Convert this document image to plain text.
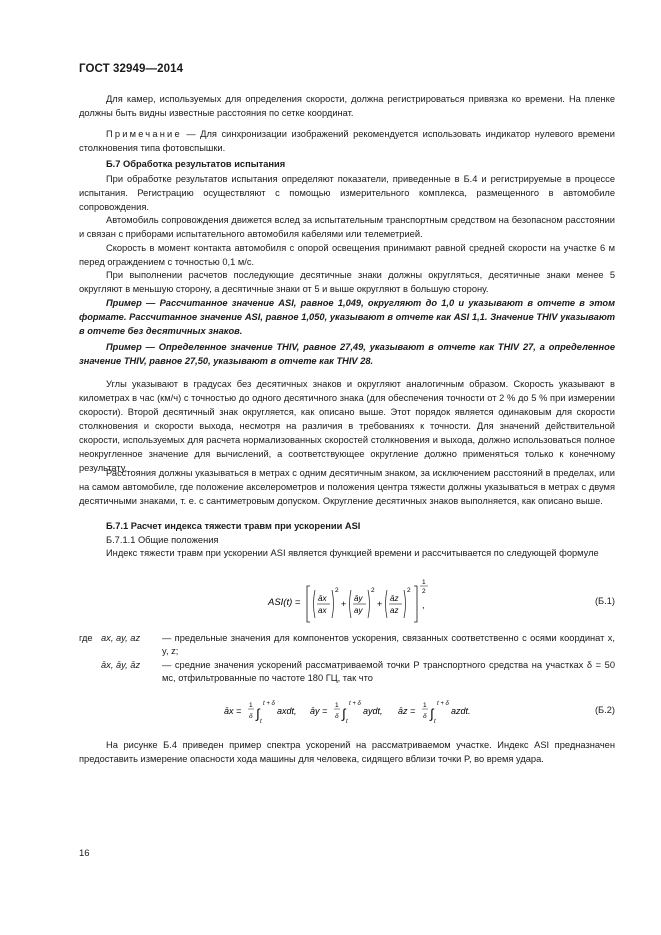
ГОСТ 32949—2014

Для камер, используемых для определения скорости, должна регистрироваться привязка ко времени. На пленке должны быть видны известные расстояния по сетке координат.

Примечание — Для синхронизации изображений рекомендуется использовать индикатор нулевого времени столкновения типа фотовспышки.

Б.7 Обработка результатов испытания

При обработке результатов испытания определяют показатели, приведенные в Б.4 и регистрируемые в процессе испытания. Регистрацию осуществляют с помощью измерительного комплекса, размещенного в автомобиле сопровождения.

Автомобиль сопровождения движется вслед за испытательным транспортным средством на безопасном расстоянии и связан с приборами испытательного автомобиля кабелями или телеметрией.

Скорость в момент контакта автомобиля с опорой освещения принимают равной средней скорости на участке 6 м перед ограждением с точностью 0,1 м/с.

При выполнении расчетов последующие десятичные знаки должны округляться, десятичные знаки менее 5 округляют в меньшую сторону, а десятичные знаки от 5 и выше округляют в большую сторону.

Пример — Рассчитанное значение ASI, равное 1,049, округляют до 1,0 и указывают в отчете в этом формате. Рассчитанное значение ASI, равное 1,050, указывают в отчете как ASI 1,1. Значение THIV указывают в отчете без десятичных знаков.

Пример — Определенное значение THIV, равное 27,49, указывают в отчете как THIV 27, а определенное значение THIV, равное 27,50, указывают в отчете как THIV 28.

Углы указывают в градусах без десятичных знаков и округляют аналогичным образом. Скорость указывают в километрах в час (км/ч) с точностью до одного десятичного знака (для обеспечения точности от 2 % до 5 % при измерении скорости). Второй десятичный знак округляется, как описано выше. Этот порядок является одинаковым для скорости столкновения и скорости выхода, несмотря на различия в требованиях к точности. Для значений действительной скорости, используемых для расчета нормализованных скоростей столкновения и выхода, должно использоваться полное неокругленное значение для вычислений, а соответствующее округление должно применяться только к конечному результату.

Расстояния должны указываться в метрах с одним десятичным знаком, за исключением расстояний в пределах, или на самом автомобиле, где положение акселерометров и положения центра тяжести должны указываться в метрах с двумя десятичными знаками, т. е. с сантиметровым допуском. Округление десятичных знаков выполняется, как описано выше.

Б.7.1 Расчет индекса тяжести травм при ускорении ASI
Б.7.1.1 Общие положения

Индекс тяжести травм при ускорении ASI является функцией времени и рассчитывается по следующей формуле

ASI(t) = āx
ax
2
+
āy
ay
2
+
āz
az
2
1
2
,	(Б.1)
где ax, ay, az — предельные значения для компонентов ускорения, связанных соответственно с осями координат x, y, z;
āx, āy, āz — средние значения ускорений рассматриваемой точки P транспортного средства на участках δ = 50 мс, отфильтрованные по частоте 180 ГЦ, так что
āx =
1
δ ∫
t + δ
t
axdt, āy =
1
δ ∫
t + δ
t
aydt, āz =
1
δ ∫
t + δ
t
azdt.	(Б.2)

На рисунке Б.4 приведен пример спектра ускорений на рассматриваемом участке. Индекс ASI предназначен предоставить измерение опасности хода машины для человека, сидящего вблизи точки P, во время удара.

16
